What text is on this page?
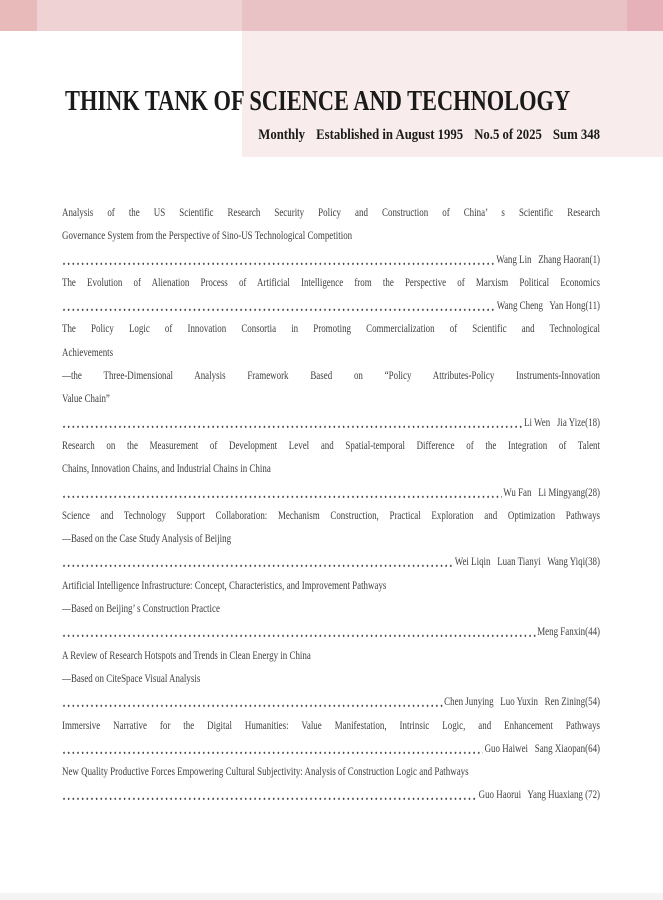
THINK TANK OF SCIENCE AND TECHNOLOGY
Monthly Established in August 1995 No.5 of 2025 Sum 348
Analysis of the US Scientific Research Security Policy and Construction of China’ s Scientific Research
Governance System from the Perspective of Sino-US Technological Competition
Wang Lin   Zhang Haoran(1)
The Evolution of Alienation Process of Artificial Intelligence from the Perspective of Marxism Political Economics
Wang Cheng   Yan Hong(11)
The Policy Logic of Innovation Consortia in Promoting Commercialization of Scientific and Technological
Achievements
—the Three-Dimensional Analysis Framework Based on “Policy Attributes-Policy Instruments-Innovation
Value Chain”
Li Wen   Jia Yize(18)
Research on the Measurement of Development Level and Spatial-temporal Difference of the Integration of Talent
Chains, Innovation Chains, and Industrial Chains in China
Wu Fan   Li Mingyang(28)
Science and Technology Support Collaboration: Mechanism Construction, Practical Exploration and Optimization Pathways
—Based on the Case Study Analysis of Beijing
Wei Liqin   Luan Tianyi   Wang Yiqi(38)
Artificial Intelligence Infrastructure: Concept, Characteristics, and Improvement Pathways
—Based on Beijing’ s Construction Practice
Meng Fanxin(44)
A Review of Research Hotspots and Trends in Clean Energy in China
—Based on CiteSpace Visual Analysis
Chen Junying   Luo Yuxin   Ren Zining(54)
Immersive Narrative for the Digital Humanities: Value Manifestation, Intrinsic Logic, and Enhancement Pathways
Guo Haiwei   Sang Xiaopan(64)
New Quality Productive Forces Empowering Cultural Subjectivity: Analysis of Construction Logic and Pathways
Guo Haorui   Yang Huaxiang (72)
